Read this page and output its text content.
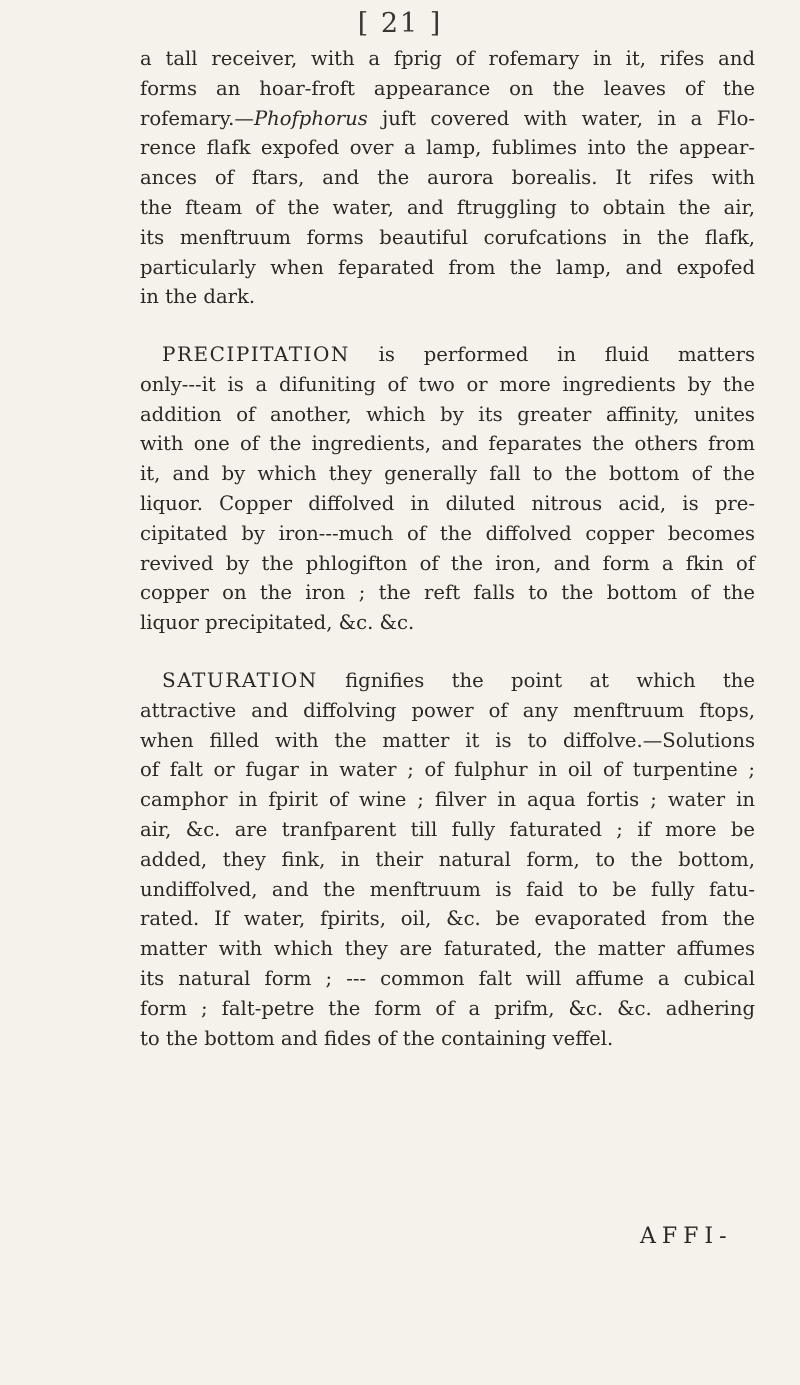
[ 21 ]
a tall receiver, with a fprig of rofemary in it, rifes and
forms an hoar-froft appearance on the leaves of the
rofemary.—Phofphorus juft covered with water, in a Flo-
rence flafk expofed over a lamp, fublimes into the appear-
ances of ftars, and the aurora borealis. It rifes with
the fteam of the water, and ftruggling to obtain the air,
its menftruum forms beautiful corufcations in the flafk,
particularly when feparated from the lamp, and expofed
in the dark.
PRECIPITATION is performed in fluid matters
only---it is a difuniting of two or more ingredients by the
addition of another, which by its greater affinity, unites
with one of the ingredients, and feparates the others from
it, and by which they generally fall to the bottom of the
liquor. Copper diffolved in diluted nitrous acid, is pre-
cipitated by iron---much of the diffolved copper becomes
revived by the phlogifton of the iron, and form a fkin of
copper on the iron ; the reft falls to the bottom of the
liquor precipitated, &c. &c.
SATURATION fignifies the point at which the
attractive and diffolving power of any menftruum ftops,
when filled with the matter it is to diffolve.—Solutions
of falt or fugar in water ; of fulphur in oil of turpentine ;
camphor in fpirit of wine ; filver in aqua fortis ; water in
air, &c. are tranfparent till fully faturated ; if more be
added, they fink, in their natural form, to the bottom,
undiffolved, and the menftruum is faid to be fully fatu-
rated. If water, fpirits, oil, &c. be evaporated from the
matter with which they are faturated, the matter affumes
its natural form ; --- common falt will affume a cubical
form ; falt-petre the form of a prifm, &c. &c. adhering
to the bottom and fides of the containing veffel.
AFFI-
